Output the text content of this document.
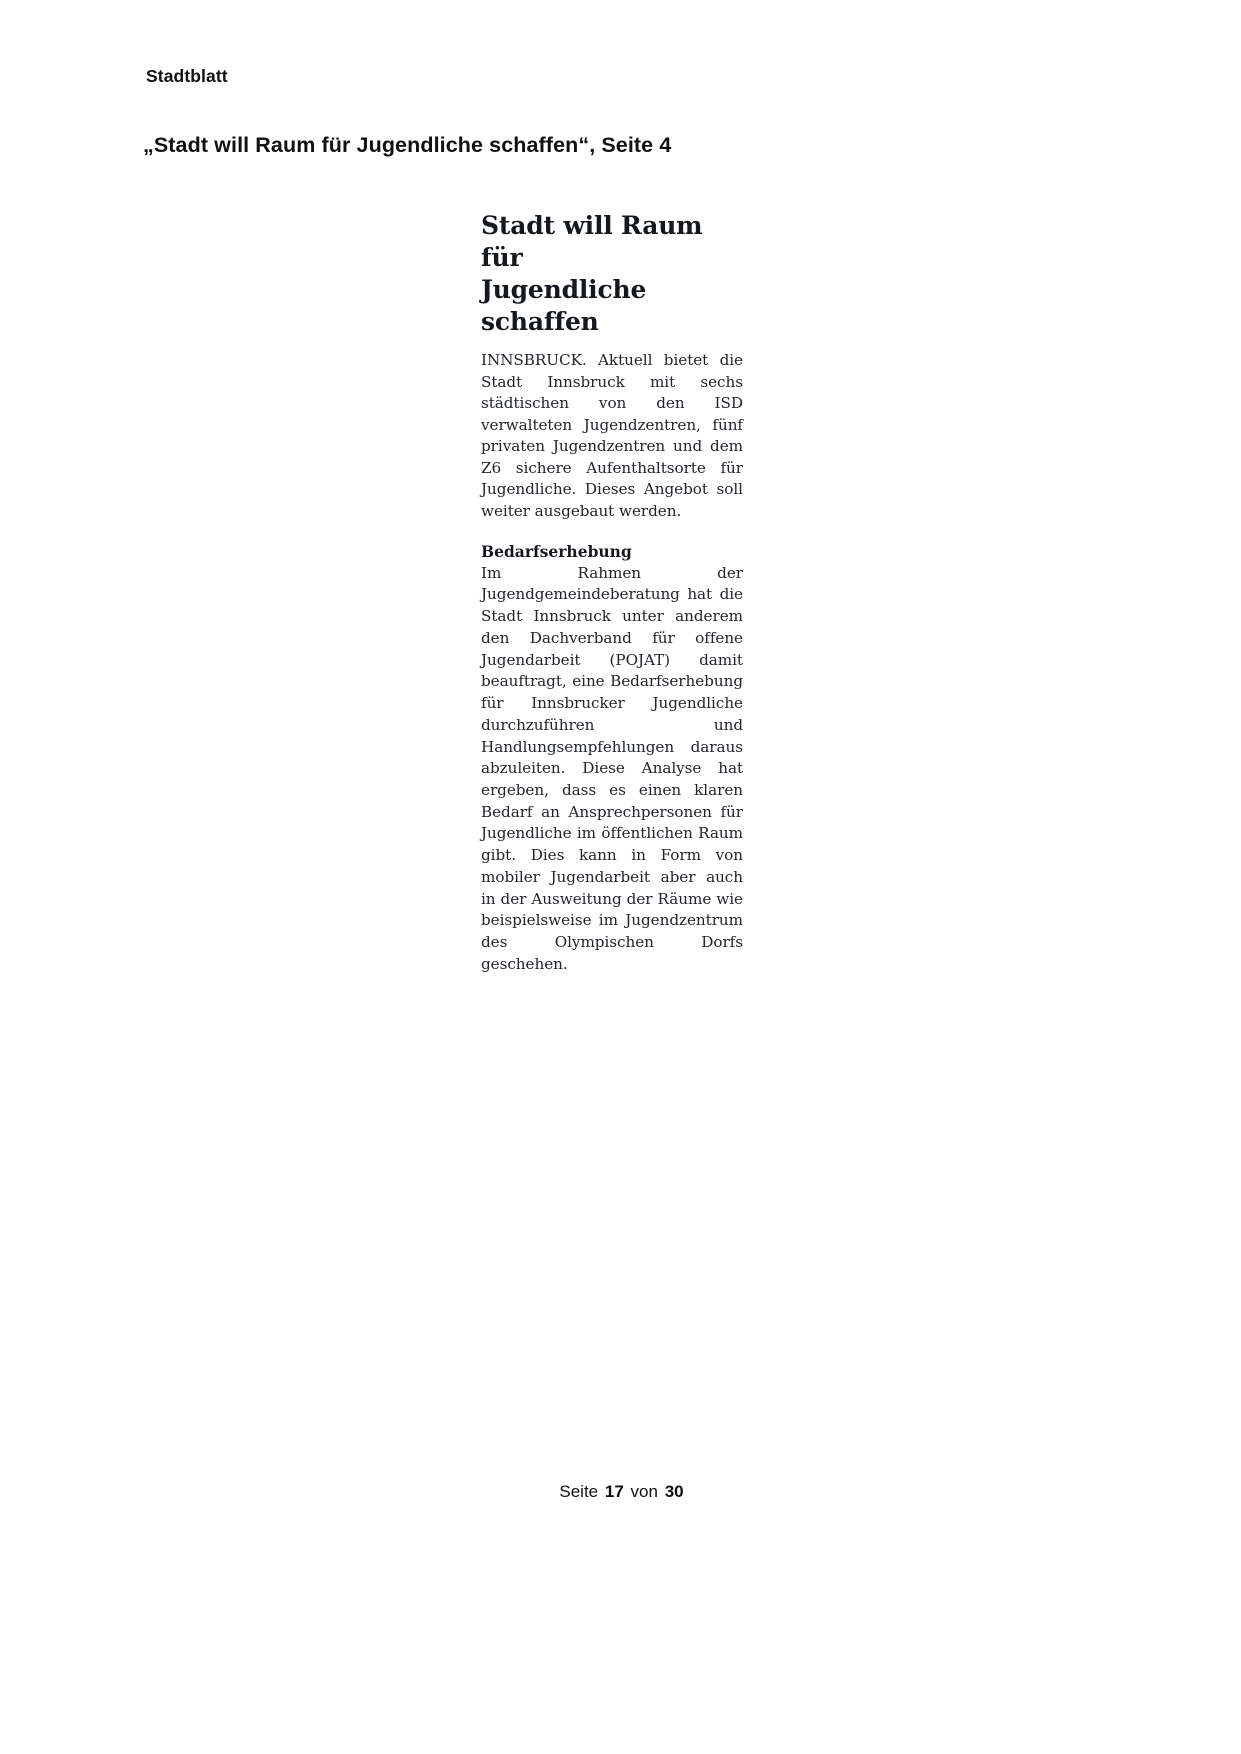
Stadtblatt
„Stadt will Raum für Jugendliche schaffen“, Seite 4
Stadt will Raum für
Jugendliche schaffen

INNSBRUCK. Aktuell bietet die Stadt Innsbruck mit sechs städtischen von den ISD verwalteten Jugendzentren, fünf privaten Jugendzentren und dem Z6 sichere Aufenthaltsorte für Jugendliche. Dieses Angebot soll weiter ausgebaut werden.

Bedarfserhebung

Im Rahmen der Jugendgemeindeberatung hat die Stadt Innsbruck unter anderem den Dachverband für offene Jugendarbeit (POJAT) damit beauftragt, eine Bedarfserhebung für Innsbrucker Jugendliche durchzuführen und Handlungsempfehlungen daraus abzuleiten. Diese Analyse hat ergeben, dass es einen klaren Bedarf an Ansprechpersonen für Jugendliche im öffentlichen Raum gibt. Dies kann in Form von mobiler Jugendarbeit aber auch in der Ausweitung der Räume wie beispielsweise im Jugendzentrum des Olympischen Dorfs geschehen.

Seite 17 von 30
